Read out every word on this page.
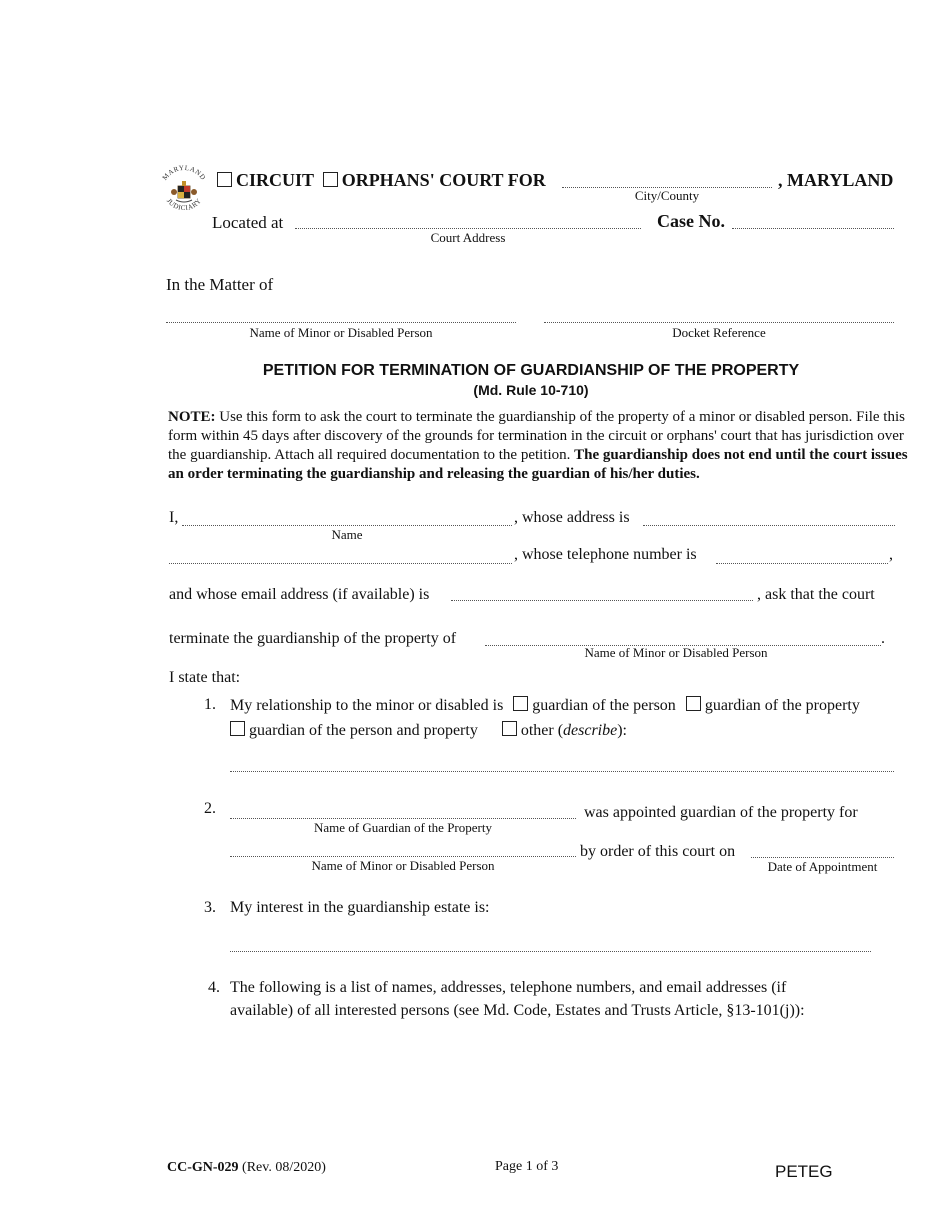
MARYLAND
JUDICIARY
CIRCUIT ORPHANS' COURT FOR
City/County
, MARYLAND
Located at
Court Address
Case No.
In the Matter of
Name of Minor or Disabled Person	Docket Reference
PETITION FOR TERMINATION OF GUARDIANSHIP OF THE PROPERTY
(Md. Rule 10-710)
NOTE: Use this form to ask the court to terminate the guardianship of the property of a minor or disabled person. File this form within 45 days after discovery of the grounds for termination in the circuit or orphans' court that has jurisdiction over the guardianship. Attach all required documentation to the petition. The guardianship does not end until the court issues an order terminating the guardianship and releasing the guardian of his/her duties.
I,
Name
, whose address is
, whose telephone number is	,
and whose email address (if available) is	, ask that the court
terminate the guardianship of the property of	.
Name of Minor or Disabled Person
I state that:
1. My relationship to the minor or disabled is guardian of the person guardian of the property
guardian of the person and property	other (describe):
2.
Name of Guardian of the Property
was appointed guardian of the property for
Name of Minor or Disabled Person
by order of this court on
Date of Appointment
3. My interest in the guardianship estate is:
4. The following is a list of names, addresses, telephone numbers, and email addresses (if
available) of all interested persons (see Md. Code, Estates and Trusts Article, §13-101(j)):
CC-GN-029 (Rev. 08/2020)	Page 1 of 3	PETEG
